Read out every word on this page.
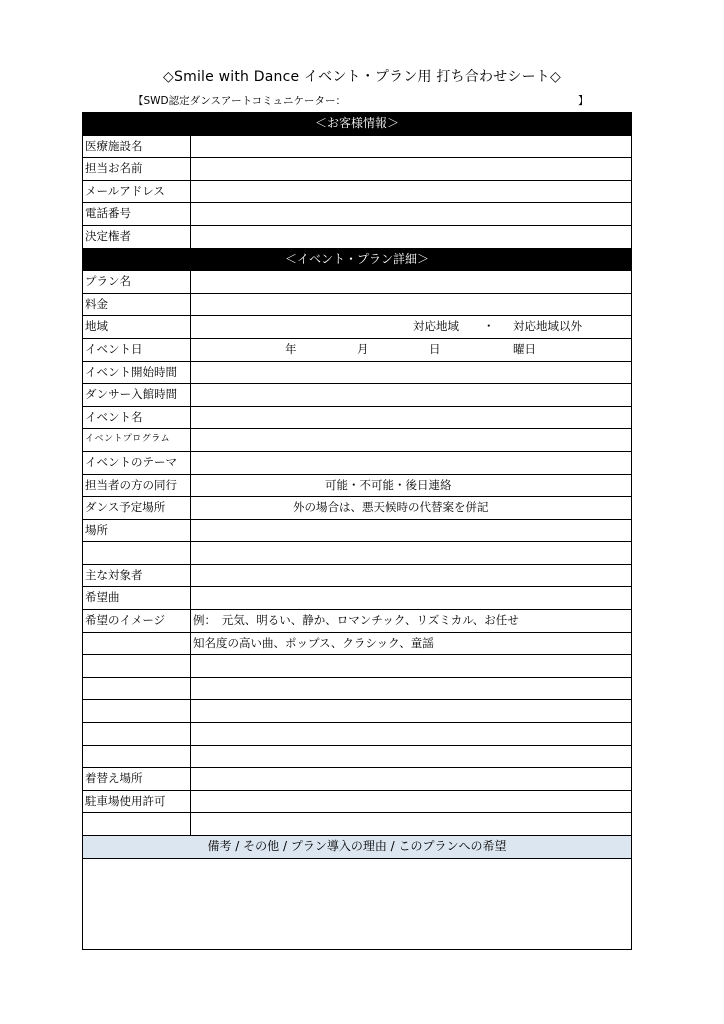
◇Smile with Dance イベント・プラン用 打ち合わせシート◇
【SWD認定ダンスアートコミュニケーター：	】
＜お客様情報＞
医療施設名
担当お名前
メールアドレス
電話番号
決定権者
＜イベント・プラン詳細＞
プラン名
料金
地域	対応地域 ・ 対応地域以外
イベント日	年	月	日	曜日
イベント開始時間
ダンサー入館時間
イベント名
イベントプログラム
イベントのテーマ
担当者の方の同行	可能・不可能・後日連絡
ダンス予定場所	外の場合は、悪天候時の代替案を併記
場所
主な対象者
希望曲
希望のイメージ	例：　元気、明るい、静か、ロマンチック、リズミカル、お任せ
知名度の高い曲、ポップス、クラシック、童謡
着替え場所
駐車場使用許可
備考 / その他 / プラン導入の理由 / このプランへの希望
